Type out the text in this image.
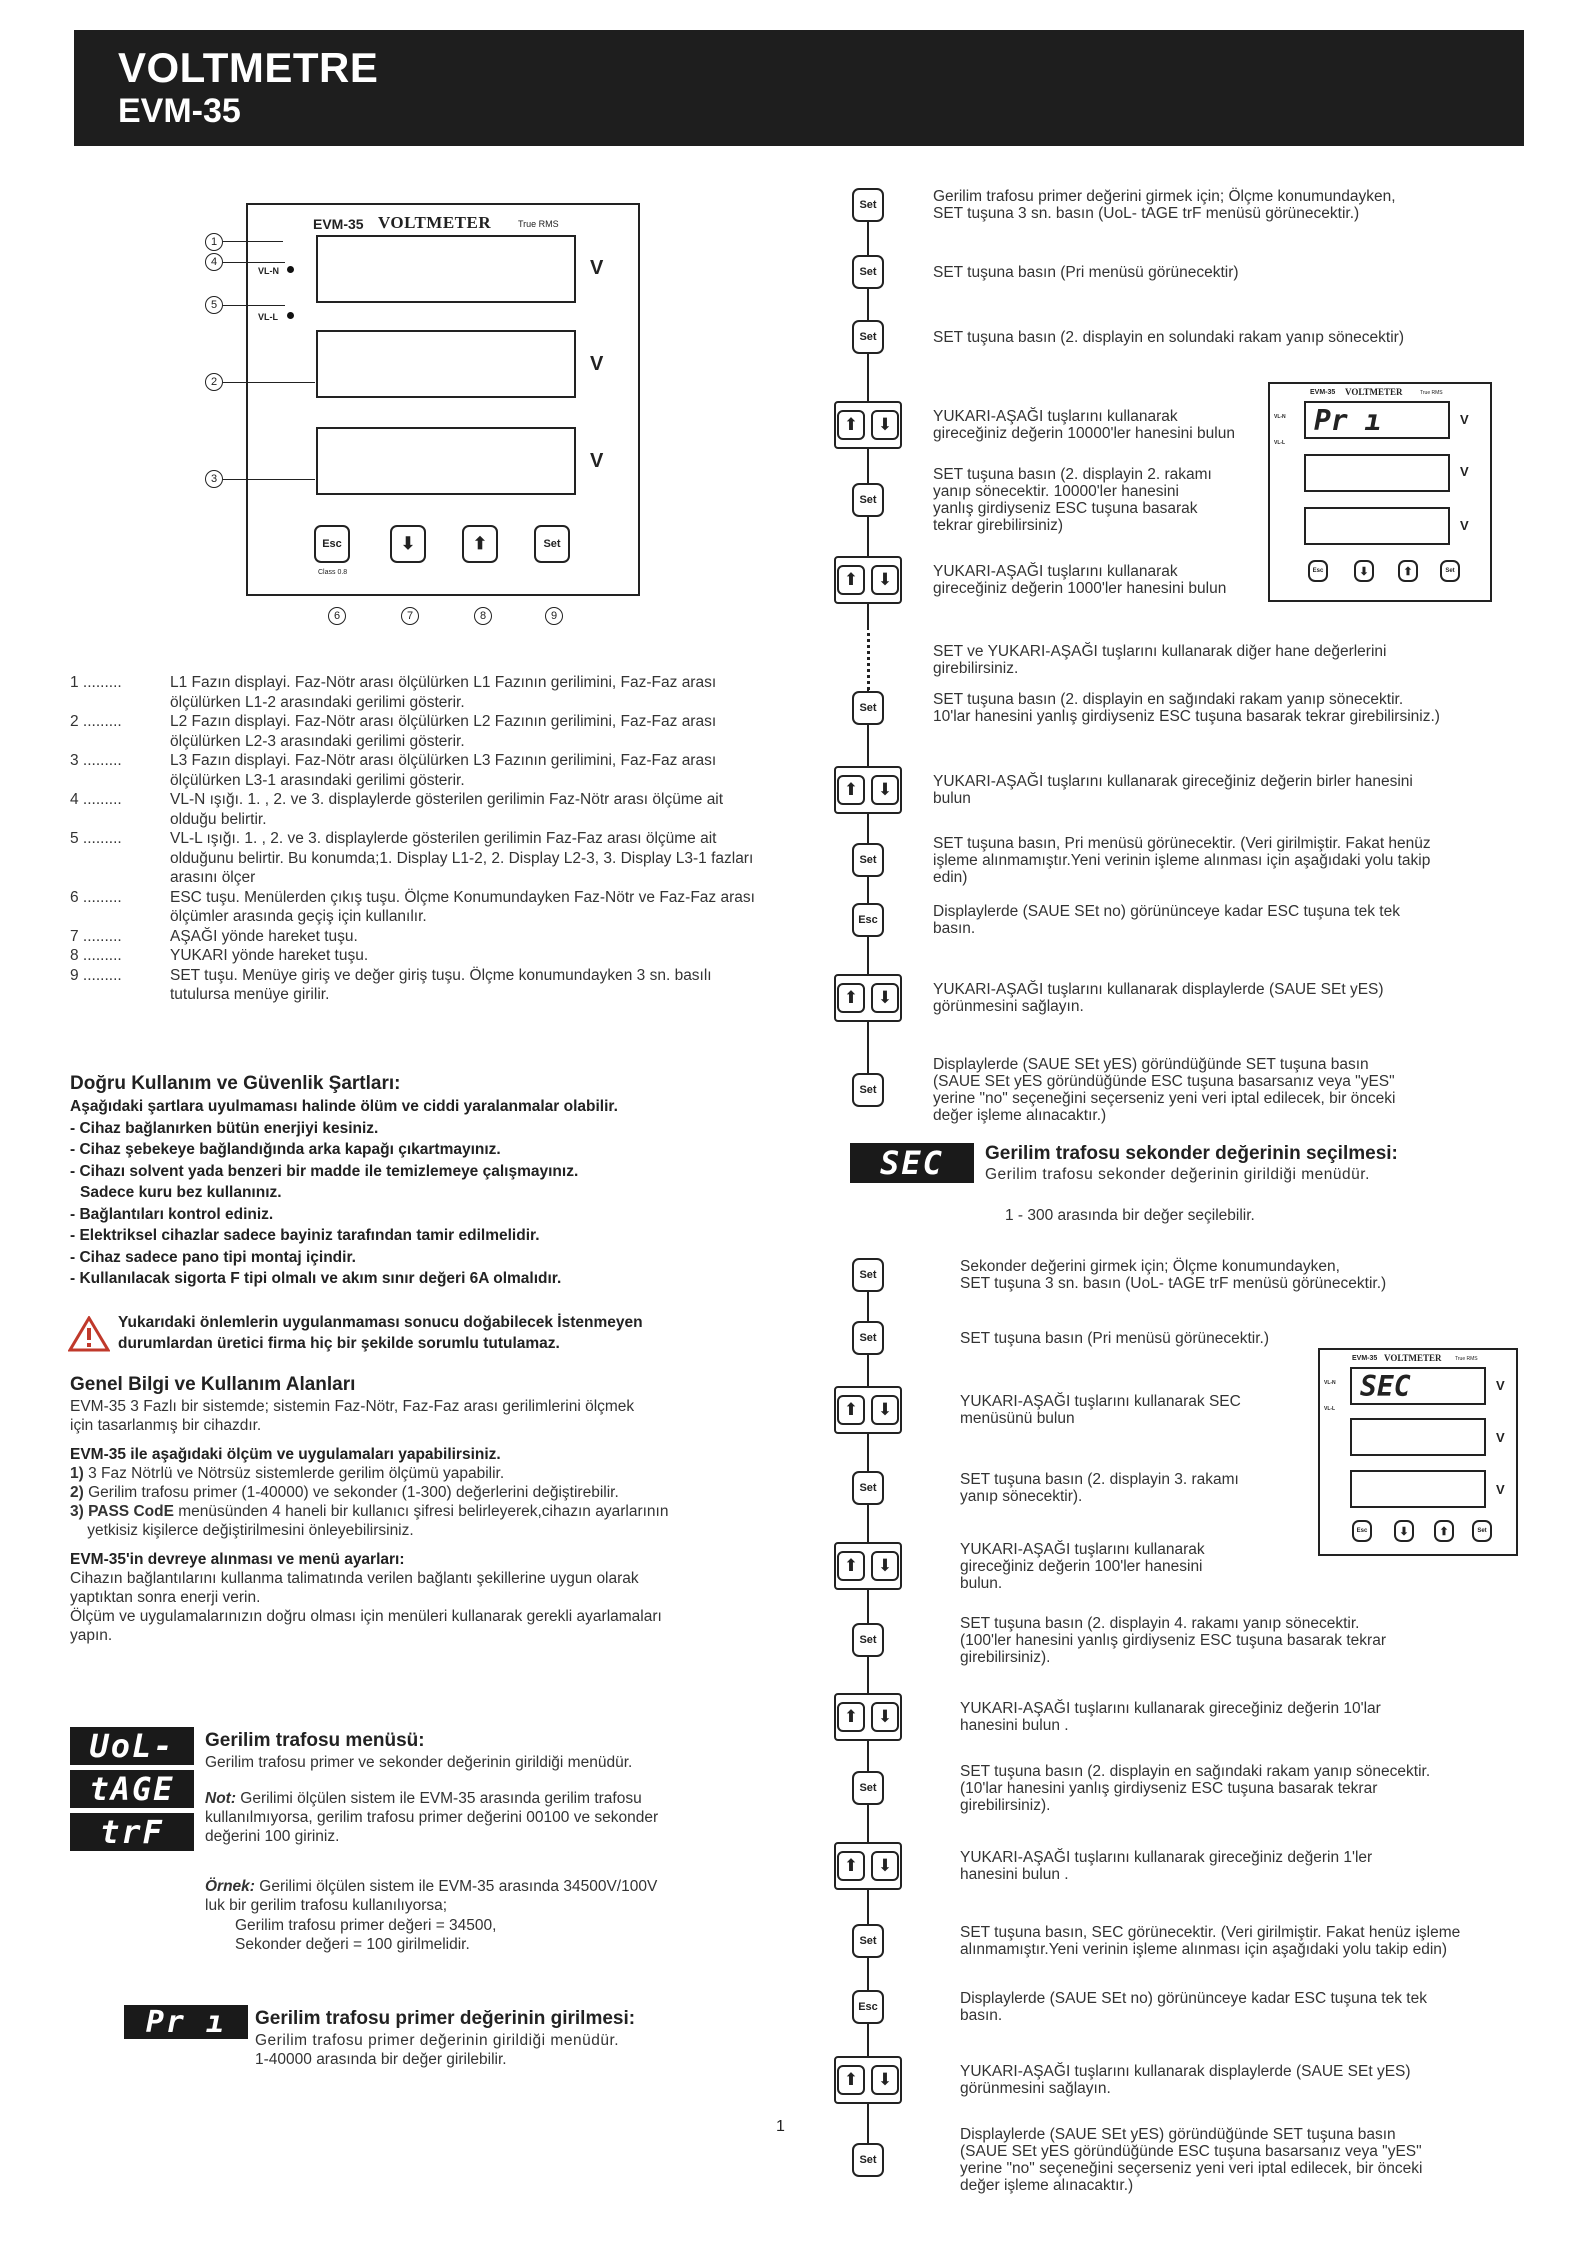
VOLTMETRE
EVM-35
EVM-35 VOLTMETER	True RMS
VL-N
VL-L
V
V
V
Esc
Class 0.8
⬇	⬆	Set
1
4
5
2
3
6	7	8	9
1 .........	L1 Fazın displayi. Faz-Nötr arası ölçülürken L1 Fazının gerilimini, Faz-Faz arası ölçülürken L1-2 arasındaki gerilimi gösterir.
2 .........	L2 Fazın displayi. Faz-Nötr arası ölçülürken L2 Fazının gerilimini, Faz-Faz arası ölçülürken L2-3 arasındaki gerilimi gösterir.
3 .........	L3 Fazın displayi. Faz-Nötr arası ölçülürken L3 Fazının gerilimini, Faz-Faz arası ölçülürken L3-1 arasındaki gerilimi gösterir.
4 .........	VL-N ışığı. 1. , 2. ve 3. displaylerde gösterilen gerilimin Faz-Nötr arası ölçüme ait olduğu belirtir.
5 .........	VL-L ışığı. 1. , 2. ve 3. displaylerde gösterilen gerilimin Faz-Faz arası ölçüme ait olduğunu belirtir. Bu konumda;1. Display L1-2, 2. Display L2-3, 3. Display L3-1 fazları arasını ölçer
6 .........	ESC tuşu. Menülerden çıkış tuşu. Ölçme Konumundayken Faz-Nötr ve Faz-Faz arası ölçümler arasında geçiş için kullanılır.
7 .........	AŞAĞI yönde hareket tuşu.
8 .........	YUKARI yönde hareket tuşu.
9 .........	SET tuşu. Menüye giriş ve değer giriş tuşu. Ölçme konumundayken 3 sn. basılı tutulursa menüye girilir.
Doğru Kullanım ve Güvenlik Şartları:
Aşağıdaki şartlara uyulmaması halinde ölüm ve ciddi yaralanmalar olabilir.
- Cihaz bağlanırken bütün enerjiyi kesiniz.
- Cihaz şebekeye bağlandığında arka kapağı çıkartmayınız.
- Cihazı solvent yada benzeri bir madde ile temizlemeye çalışmayınız.
Sadece kuru bez kullanınız.
- Bağlantıları kontrol ediniz.
- Elektriksel cihazlar sadece bayiniz tarafından tamir edilmelidir.
- Cihaz sadece pano tipi montaj içindir.
- Kullanılacak sigorta F tipi olmalı ve akım sınır değeri 6A olmalıdır.
Yukarıdaki önlemlerin uygulanmaması sonucu doğabilecek İstenmeyen
durumlardan üretici firma hiç bir şekilde sorumlu tutulamaz.
Genel Bilgi ve Kullanım Alanları
EVM-35 3 Fazlı bir sistemde; sistemin Faz-Nötr, Faz-Faz arası gerilimlerini ölçmek
için tasarlanmış bir cihazdır.
EVM-35 ile aşağıdaki ölçüm ve uygulamaları yapabilirsiniz.
1) 3 Faz Nötrlü ve Nötrsüz sistemlerde gerilim ölçümü yapabilir.
2) Gerilim trafosu primer (1-40000) ve sekonder (1-300) değerlerini değiştirebilir.
3) PASS CodE menüsünden 4 haneli bir kullanıcı şifresi belirleyerek,cihazın ayarlarının
yetkisiz kişilerce değiştirilmesini önleyebilirsiniz.
EVM-35'in devreye alınması ve menü ayarları:
Cihazın bağlantılarını kullanma talimatında verilen bağlantı şekillerine uygun olarak
yaptıktan sonra enerji verin.
Ölçüm ve uygulamalarınızın doğru olması için menüleri kullanarak gerekli ayarlamaları
yapın.
UoL-
tAGE
trF
Gerilim trafosu menüsü:
Gerilim trafosu primer ve sekonder değerinin girildiği menüdür.
Not: Gerilimi ölçülen sistem ile EVM-35 arasında gerilim trafosu
kullanılmıyorsa, gerilim trafosu primer değerini 00100 ve sekonder
değerini 100 giriniz.
Örnek: Gerilimi ölçülen sistem ile EVM-35 arasında 34500V/100V
luk bir gerilim trafosu kullanılıyorsa;
Gerilim trafosu primer değeri = 34500,
Sekonder değeri = 100 girilmelidir.
Pr ı	Gerilim trafosu primer değerinin girilmesi:
Gerilim trafosu primer değerinin girildiği menüdür.
1-40000 arasında bir değer girilebilir.
1
Set	Gerilim trafosu primer değerini girmek için; Ölçme konumundayken,
SET tuşuna 3 sn. basın (UoL- tAGE trF menüsü görünecektir.)
Set	SET tuşuna basın (Pri menüsü görünecektir)
Set	SET tuşuna basın (2. displayin en solundaki rakam yanıp sönecektir)
⬆	⬇	YUKARI-AŞAĞI tuşlarını kullanarak
gireceğiniz değerin 10000'ler hanesini bulun
Set
SET tuşuna basın (2. displayin 2. rakamı
yanıp sönecektir. 10000'ler hanesini
yanlış girdiyseniz ESC tuşuna basarak
tekrar girebilirsiniz)
⬆	⬇	YUKARI-AŞAĞI tuşlarını kullanarak
gireceğiniz değerin 1000'ler hanesini bulun
SET ve YUKARI-AŞAĞI tuşlarını kullanarak diğer hane değerlerini
girebilirsiniz.
Set	SET tuşuna basın (2. displayin en sağındaki rakam yanıp sönecektir.
10'lar hanesini yanlış girdiyseniz ESC tuşuna basarak tekrar girebilirsiniz.)
⬆	⬇	YUKARI-AŞAĞI tuşlarını kullanarak gireceğiniz değerin birler hanesini
bulun
Set
SET tuşuna basın, Pri menüsü görünecektir. (Veri girilmiştir. Fakat henüz
işleme alınmamıştır.Yeni verinin işleme alınması için aşağıdaki yolu takip
edin)
Esc	Displaylerde (SAUE SEt no) görününceye kadar ESC tuşuna tek tek
basın.
⬆	⬇	YUKARI-AŞAĞI tuşlarını kullanarak displaylerde (SAUE SEt yES)
görünmesini sağlayın.
Set
Displaylerde (SAUE SEt yES) göründüğünde SET tuşuna basın
(SAUE SEt yES göründüğünde ESC tuşuna basarsanız veya "yES"
yerine "no" seçeneğini seçerseniz yeni veri iptal edilecek, bir önceki
değer işleme alınacaktır.)
EVM-35 VOLTMETER	True RMS
VL-N
VL-L
Pr ı	V
V
V
Esc	⬇	⬆	Set
SEC	Gerilim trafosu sekonder değerinin seçilmesi:
Gerilim trafosu sekonder değerinin girildiği menüdür.
1 - 300 arasında bir değer seçilebilir.
Set	Sekonder değerini girmek için; Ölçme konumundayken,
SET tuşuna 3 sn. basın (UoL- tAGE trF menüsü görünecektir.)
Set	SET tuşuna basın (Pri menüsü görünecektir.)
⬆	⬇	YUKARI-AŞAĞI tuşlarını kullanarak SEC
menüsünü bulun
Set	SET tuşuna basın (2. displayin 3. rakamı
yanıp sönecektir).
⬆	⬇
YUKARI-AŞAĞI tuşlarını kullanarak
gireceğiniz değerin 100'ler hanesini
bulun.
Set
SET tuşuna basın (2. displayin 4. rakamı yanıp sönecektir.
(100'ler hanesini yanlış girdiyseniz ESC tuşuna basarak tekrar
girebilirsiniz).
⬆	⬇	YUKARI-AŞAĞI tuşlarını kullanarak gireceğiniz değerin 10'lar
hanesini bulun .
Set
SET tuşuna basın (2. displayin en sağındaki rakam yanıp sönecektir.
(10'lar hanesini yanlış girdiyseniz ESC tuşuna basarak tekrar
girebilirsiniz).
⬆	⬇	YUKARI-AŞAĞI tuşlarını kullanarak gireceğiniz değerin 1'ler
hanesini bulun .
Set	SET tuşuna basın, SEC görünecektir. (Veri girilmiştir. Fakat henüz işleme
alınmamıştır.Yeni verinin işleme alınması için aşağıdaki yolu takip edin)
Esc	Displaylerde (SAUE SEt no) görününceye kadar ESC tuşuna tek tek
basın.
⬆	⬇	YUKARI-AŞAĞI tuşlarını kullanarak displaylerde (SAUE SEt yES)
görünmesini sağlayın.
Set
Displaylerde (SAUE SEt yES) göründüğünde SET tuşuna basın
(SAUE SEt yES göründüğünde ESC tuşuna basarsanız veya "yES"
yerine "no" seçeneğini seçerseniz yeni veri iptal edilecek, bir önceki
değer işleme alınacaktır.)
EVM-35 VOLTMETER	True RMS
VL-N
VL-L
SEC	V
V
V
Esc	⬇	⬆	Set
